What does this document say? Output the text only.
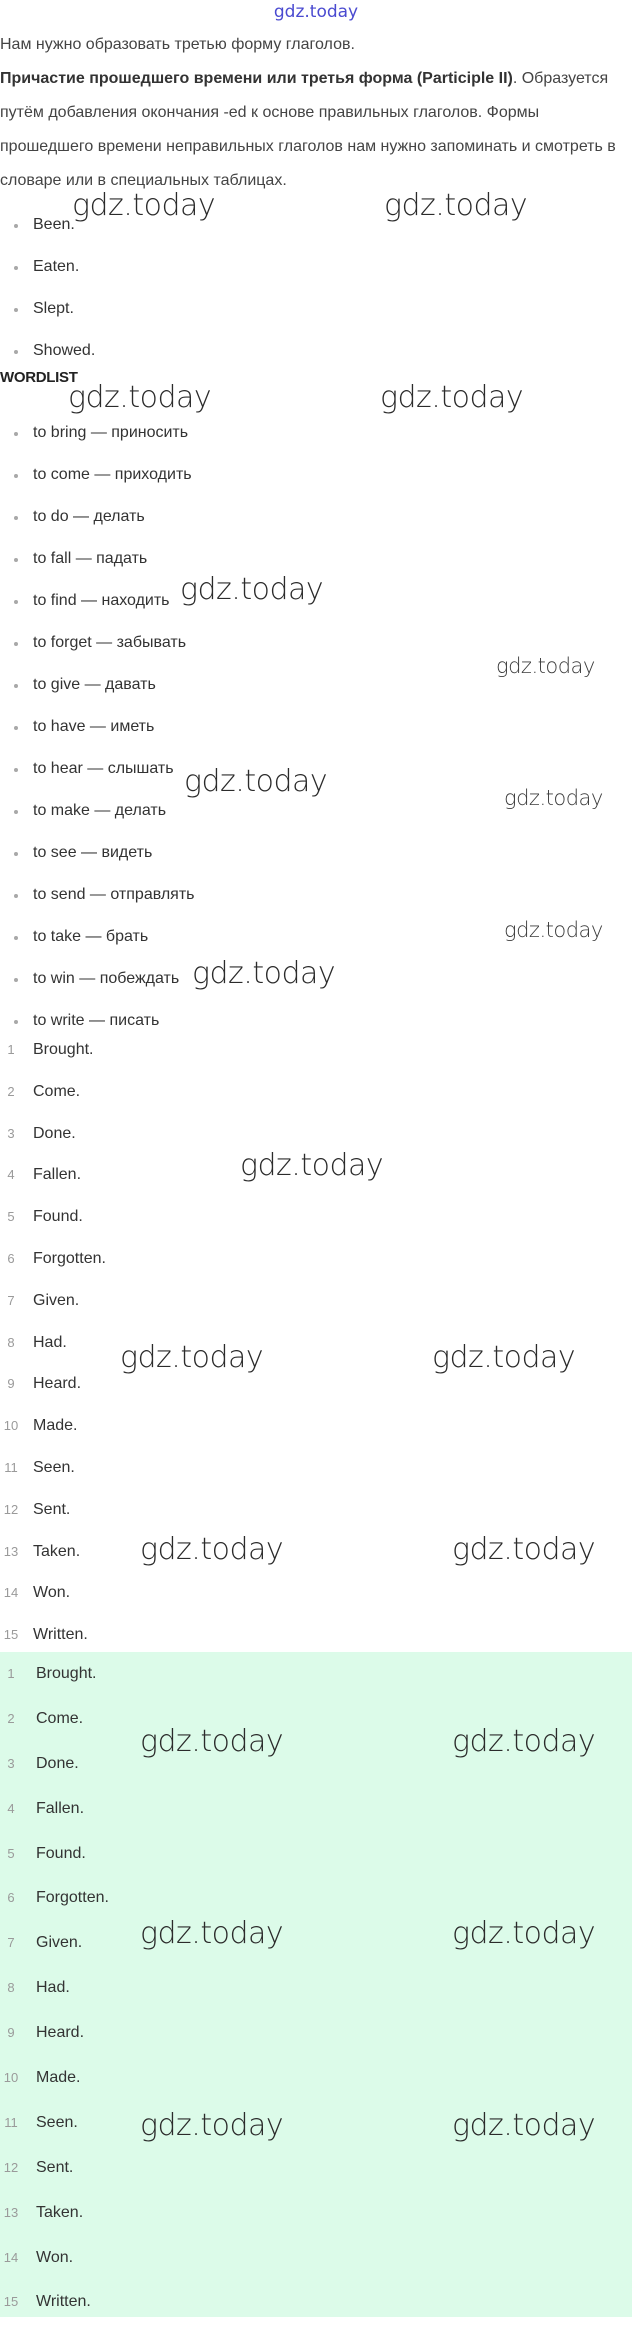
gdz.today

Нам нужно образовать третью форму глаголов.

Причастие прошедшего времени или третья форма (Participle II). Образуется путём добавления окончания -ed к основе правильных глаголов. Формы прошедшего времени неправильных глаголов нам нужно запоминать и смотреть в словаре или в специальных таблицах.

Been.
Eaten.
Slept.
Showed.
WORDLIST
to bring — приносить
to come — приходить
to do — делать
to fall — падать
to find — находить
to forget — забывать
to give — давать
to have — иметь
to hear — слышать
to make — делать
to see — видеть
to send — отправлять
to take — брать
to win — побеждать
to write — писать
1	Brought.
2	Come.
3	Done.
4	Fallen.
5	Found.
6	Forgotten.
7	Given.
8	Had.
9	Heard.
10 Made.
11 Seen.
12 Sent.
13 Taken.
14 Won.
15 Written.
1	Brought.
2	Come.
3	Done.
4	Fallen.
5	Found.
6	Forgotten.
7	Given.
8	Had.
9	Heard.
10 Made.
11 Seen.
12 Sent.
13 Taken.
14 Won.
15 Written.
gdz.today	gdz.today
gdz.today	gdz.today
gdz.today
gdz.today
gdz.today	gdz.today
gdz.today
gdz.today
gdz.today
gdz.today	gdz.today
gdz.today	gdz.today
gdz.today	gdz.today
gdz.today	gdz.today
gdz.today	gdz.today
